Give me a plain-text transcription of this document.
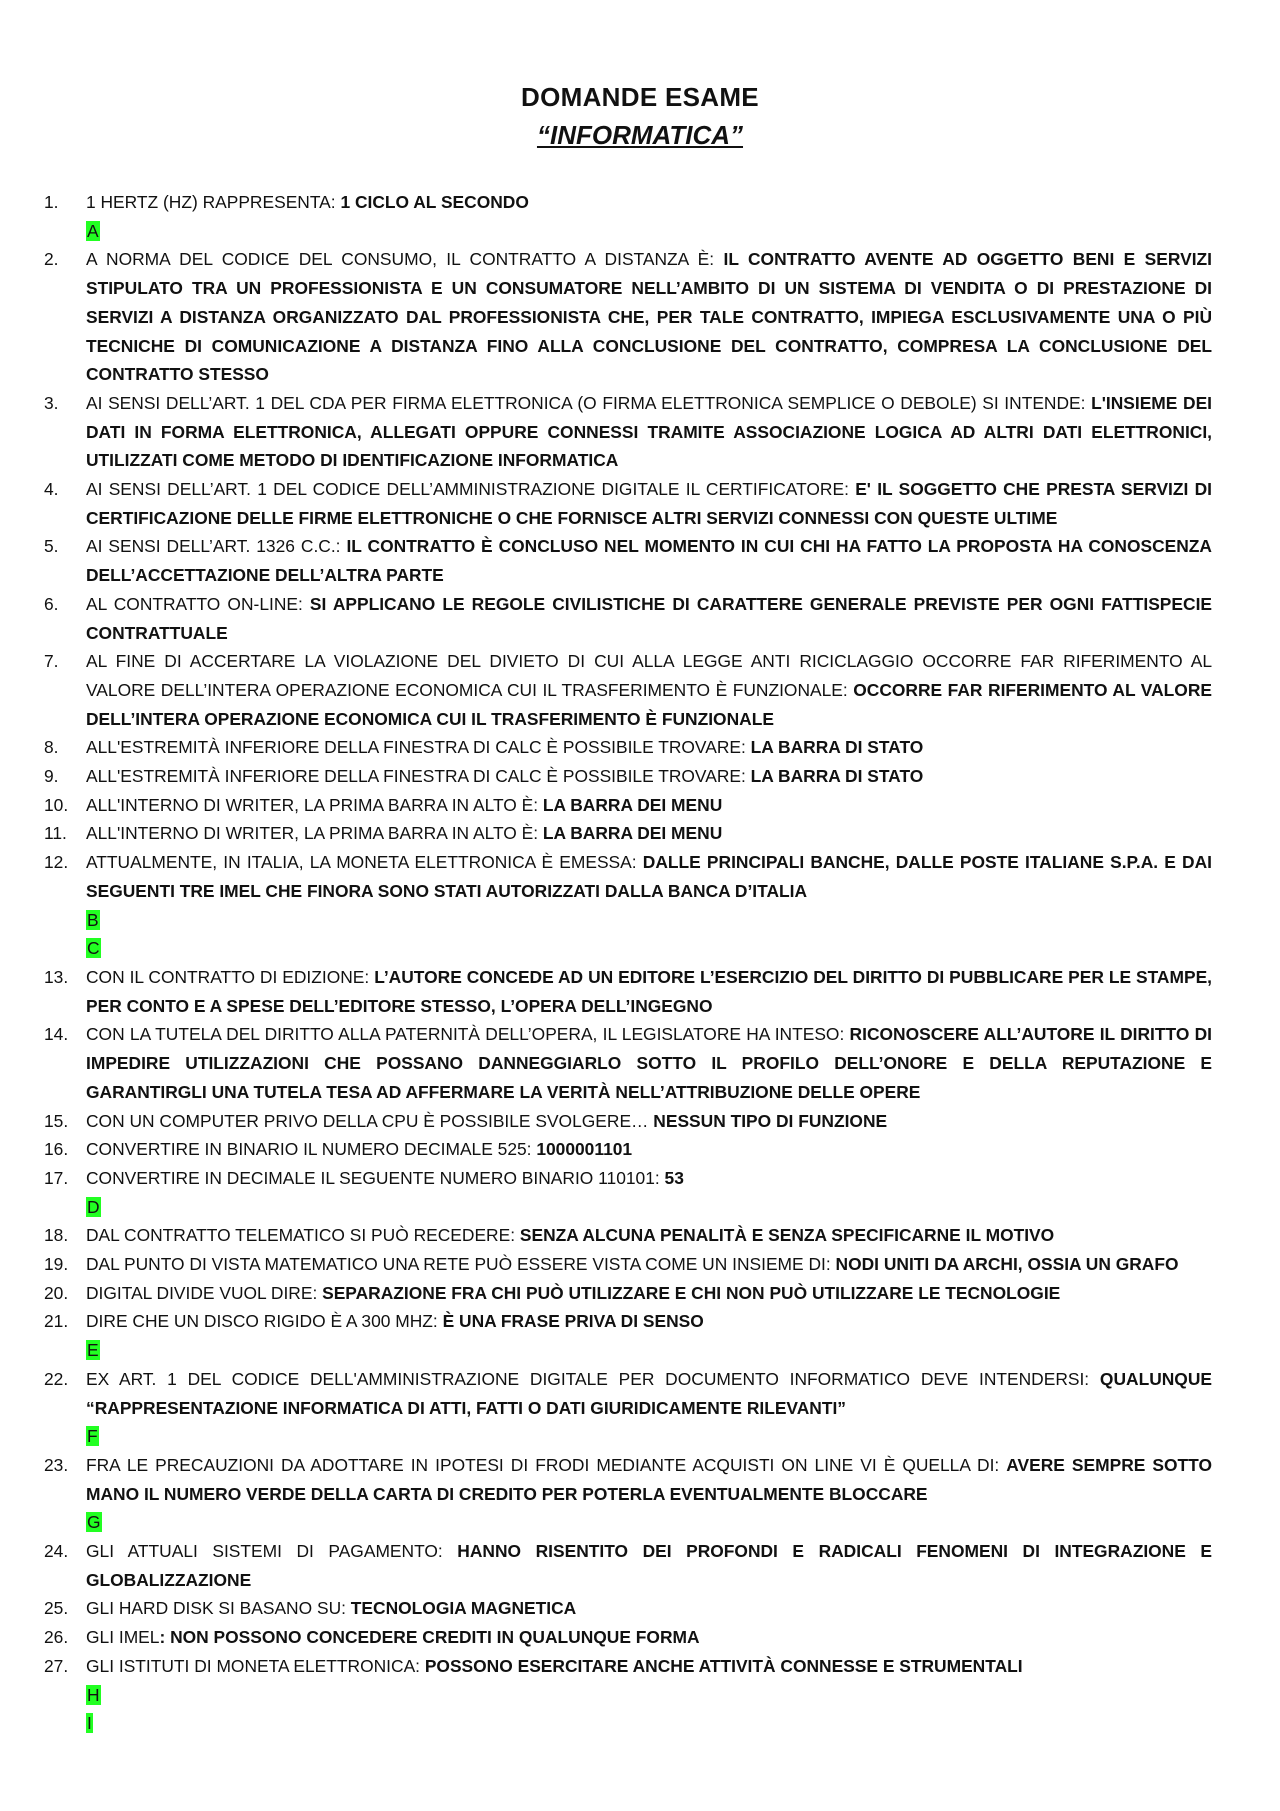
DOMANDE ESAME
“INFORMATICA”
1.	1 HERTZ (HZ) RAPPRESENTA: 1 CICLO AL SECONDO
A
2.	A NORMA DEL CODICE DEL CONSUMO, IL CONTRATTO A DISTANZA È: IL CONTRATTO AVENTE AD OGGETTO BENI E SERVIZI STIPULATO TRA UN PROFESSIONISTA E UN CONSUMATORE NELL’AMBITO DI UN SISTEMA DI VENDITA O DI PRESTAZIONE DI SERVIZI A DISTANZA ORGANIZZATO DAL PROFESSIONISTA CHE, PER TALE CONTRATTO, IMPIEGA ESCLUSIVAMENTE UNA O PIÙ TECNICHE DI COMUNICAZIONE A DISTANZA FINO ALLA CONCLUSIONE DEL CONTRATTO, COMPRESA LA CONCLUSIONE DEL CONTRATTO STESSO
3.	AI SENSI DELL’ART. 1 DEL CDA PER FIRMA ELETTRONICA (O FIRMA ELETTRONICA SEMPLICE O DEBOLE) SI INTENDE: L'INSIEME DEI DATI IN FORMA ELETTRONICA, ALLEGATI OPPURE CONNESSI TRAMITE ASSOCIAZIONE LOGICA AD ALTRI DATI ELETTRONICI, UTILIZZATI COME METODO DI IDENTIFICAZIONE INFORMATICA
4.	AI SENSI DELL’ART. 1 DEL CODICE DELL’AMMINISTRAZIONE DIGITALE IL CERTIFICATORE: E' IL SOGGETTO CHE PRESTA SERVIZI DI CERTIFICAZIONE DELLE FIRME ELETTRONICHE O CHE FORNISCE ALTRI SERVIZI CONNESSI CON QUESTE ULTIME
5.	AI SENSI DELL’ART. 1326 C.C.: IL CONTRATTO È CONCLUSO NEL MOMENTO IN CUI CHI HA FATTO LA PROPOSTA HA CONOSCENZA DELL’ACCETTAZIONE DELL’ALTRA PARTE
6.	AL CONTRATTO ON-LINE: SI APPLICANO LE REGOLE CIVILISTICHE DI CARATTERE GENERALE PREVISTE PER OGNI FATTISPECIE CONTRATTUALE
7.	AL FINE DI ACCERTARE LA VIOLAZIONE DEL DIVIETO DI CUI ALLA LEGGE ANTI RICICLAGGIO OCCORRE FAR RIFERIMENTO AL VALORE DELL’INTERA OPERAZIONE ECONOMICA CUI IL TRASFERIMENTO È FUNZIONALE: OCCORRE FAR RIFERIMENTO AL VALORE DELL’INTERA OPERAZIONE ECONOMICA CUI IL TRASFERIMENTO È FUNZIONALE
8.	ALL'ESTREMITÀ INFERIORE DELLA FINESTRA DI CALC È POSSIBILE TROVARE: LA BARRA DI STATO
9.	ALL'ESTREMITÀ INFERIORE DELLA FINESTRA DI CALC È POSSIBILE TROVARE: LA BARRA DI STATO
10.	ALL'INTERNO DI WRITER, LA PRIMA BARRA IN ALTO È: LA BARRA DEI MENU
11.	ALL'INTERNO DI WRITER, LA PRIMA BARRA IN ALTO È: LA BARRA DEI MENU
12.	ATTUALMENTE, IN ITALIA, LA MONETA ELETTRONICA È EMESSA: DALLE PRINCIPALI BANCHE, DALLE POSTE ITALIANE S.P.A. E DAI SEGUENTI TRE IMEL CHE FINORA SONO STATI AUTORIZZATI DALLA BANCA D’ITALIA
B
C
13.	CON IL CONTRATTO DI EDIZIONE: L’AUTORE CONCEDE AD UN EDITORE L’ESERCIZIO DEL DIRITTO DI PUBBLICARE PER LE STAMPE, PER CONTO E A SPESE DELL’EDITORE STESSO, L’OPERA DELL’INGEGNO
14.	CON LA TUTELA DEL DIRITTO ALLA PATERNITÀ DELL’OPERA, IL LEGISLATORE HA INTESO: RICONOSCERE ALL’AUTORE IL DIRITTO DI IMPEDIRE UTILIZZAZIONI CHE POSSANO DANNEGGIARLO SOTTO IL PROFILO DELL’ONORE E DELLA REPUTAZIONE E GARANTIRGLI UNA TUTELA TESA AD AFFERMARE LA VERITÀ NELL’ATTRIBUZIONE DELLE OPERE
15.	CON UN COMPUTER PRIVO DELLA CPU È POSSIBILE SVOLGERE… NESSUN TIPO DI FUNZIONE
16.	CONVERTIRE IN BINARIO IL NUMERO DECIMALE 525: 1000001101
17.	CONVERTIRE IN DECIMALE IL SEGUENTE NUMERO BINARIO 110101: 53
D
18.	DAL CONTRATTO TELEMATICO SI PUÒ RECEDERE: SENZA ALCUNA PENALITÀ E SENZA SPECIFICARNE IL MOTIVO
19.	DAL PUNTO DI VISTA MATEMATICO UNA RETE PUÒ ESSERE VISTA COME UN INSIEME DI: NODI UNITI DA ARCHI, OSSIA UN GRAFO
20.	DIGITAL DIVIDE VUOL DIRE: SEPARAZIONE FRA CHI PUÒ UTILIZZARE E CHI NON PUÒ UTILIZZARE LE TECNOLOGIE
21.	DIRE CHE UN DISCO RIGIDO È A 300 MHZ: È UNA FRASE PRIVA DI SENSO
E
22.	EX ART. 1 DEL CODICE DELL'AMMINISTRAZIONE DIGITALE PER DOCUMENTO INFORMATICO DEVE INTENDERSI: QUALUNQUE “RAPPRESENTAZIONE INFORMATICA DI ATTI, FATTI O DATI GIURIDICAMENTE RILEVANTI”
F
23.	FRA LE PRECAUZIONI DA ADOTTARE IN IPOTESI DI FRODI MEDIANTE ACQUISTI ON LINE VI È QUELLA DI: AVERE SEMPRE SOTTO MANO IL NUMERO VERDE DELLA CARTA DI CREDITO PER POTERLA EVENTUALMENTE BLOCCARE
G
24.	GLI ATTUALI SISTEMI DI PAGAMENTO: HANNO RISENTITO DEI PROFONDI E RADICALI FENOMENI DI INTEGRAZIONE E GLOBALIZZAZIONE
25.	GLI HARD DISK SI BASANO SU: TECNOLOGIA MAGNETICA
26.	GLI IMEL: NON POSSONO CONCEDERE CREDITI IN QUALUNQUE FORMA
27.	GLI ISTITUTI DI MONETA ELETTRONICA: POSSONO ESERCITARE ANCHE ATTIVITÀ CONNESSE E STRUMENTALI
H
I
